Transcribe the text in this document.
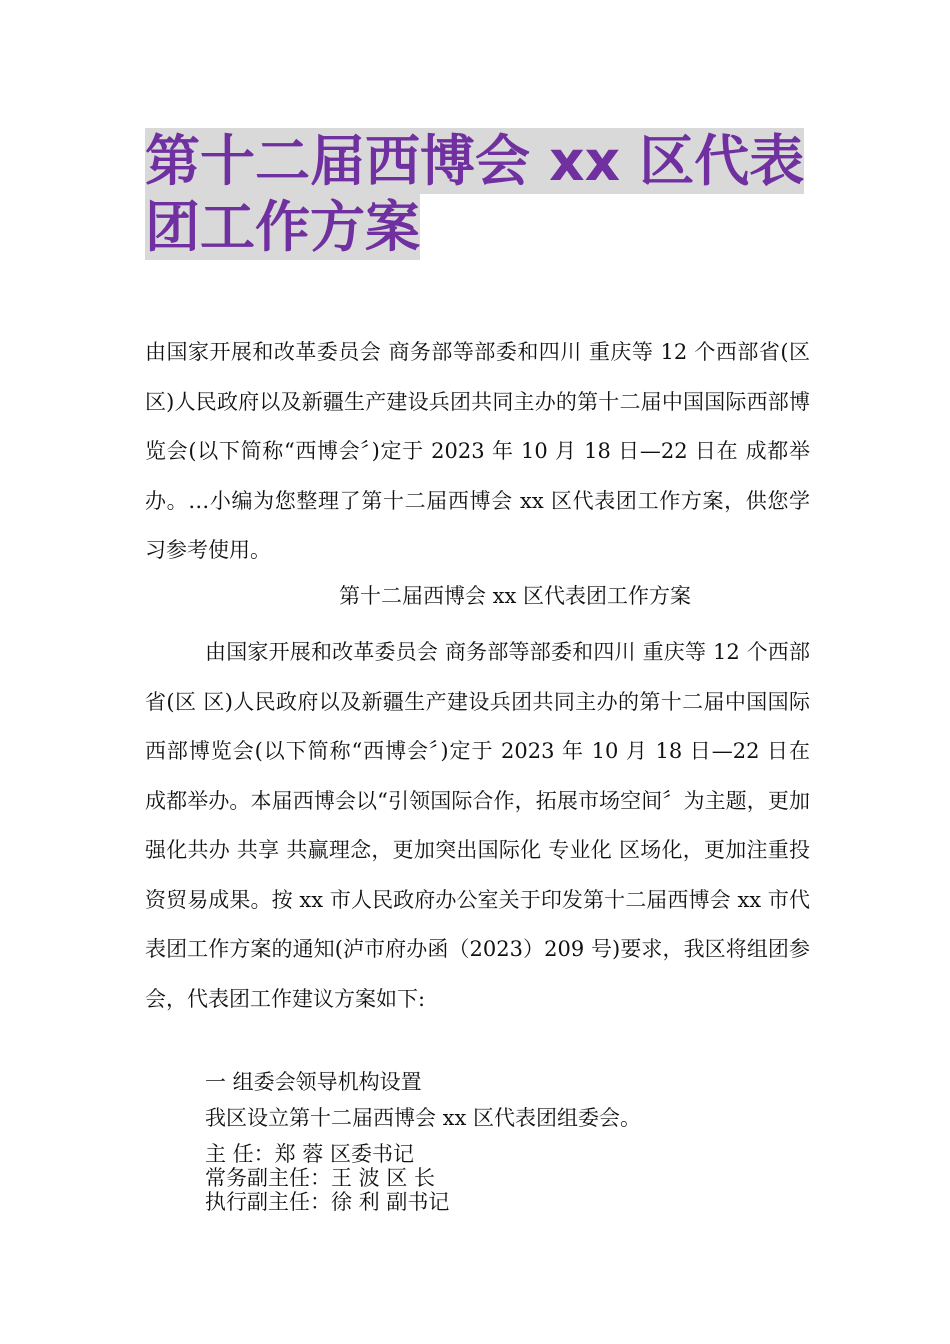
第十二届西博会 xx 区代表
团工作方案
由国家开展和改革委员会 商务部等部委和四川 重庆等 12 个西部省(区 区)人民政府以及新疆生产建设兵团共同主办的第十二届中国国际西部博览会(以下简称“西博会〞)定于 2023 年 10 月 18 日—22 日在 成都举办。…小编为您整理了第十二届西博会 xx 区代表团工作方案，供您学习参考使用。
第十二届西博会 xx 区代表团工作方案
由国家开展和改革委员会 商务部等部委和四川 重庆等 12 个西部省(区 区)人民政府以及新疆生产建设兵团共同主办的第十二届中国国际西部博览会(以下简称“西博会〞)定于 2023 年 10 月 18 日—22 日在 成都举办。本届西博会以“引领国际合作，拓展市场空间〞为主题，更加强化共办 共享 共赢理念，更加突出国际化 专业化 区场化，更加注重投资贸易成果。按 xx 市人民政府办公室关于印发第十二届西博会 xx 市代表团工作方案的通知(泸市府办函（2023）209 号)要求，我区将组团参会，代表团工作建议方案如下:
一 组委会领导机构设置
我区设立第十二届西博会 xx 区代表团组委会。
主 任：郑 蓉 区委书记
常务副主任：王 波 区 长
执行副主任：徐 利 副书记
